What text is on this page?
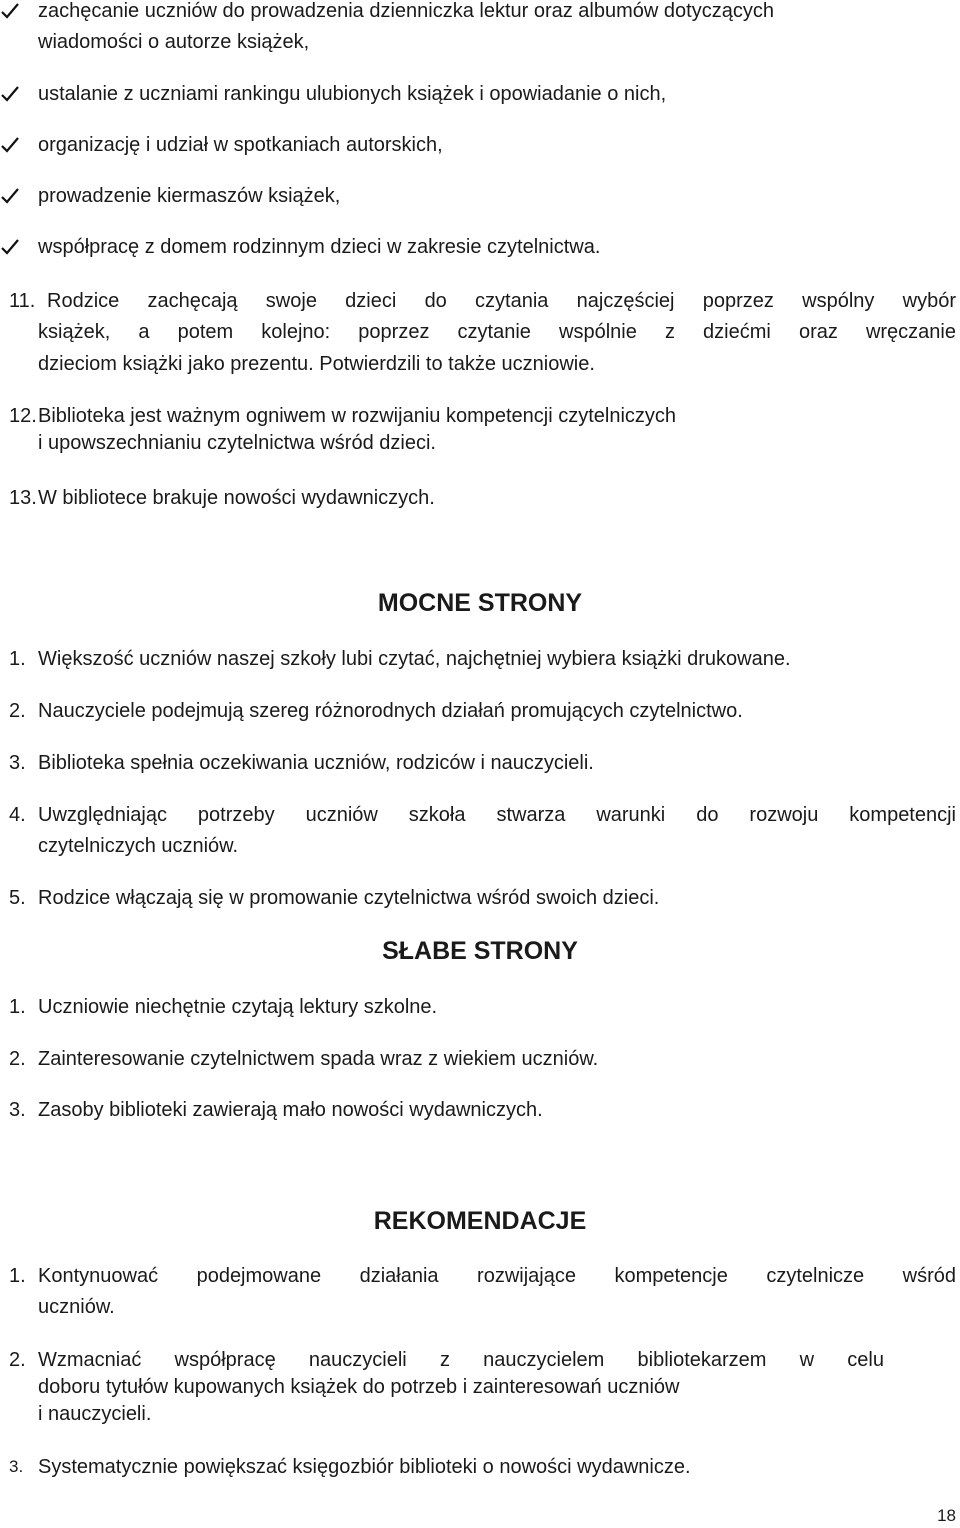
zachęcanie uczniów do prowadzenia dzienniczka lektur oraz albumów dotyczących
wiadomości o autorze książek,
ustalanie z uczniami rankingu ulubionych książek i opowiadanie o nich,
organizację i udział w spotkaniach autorskich,
prowadzenie kiermaszów książek,
współpracę z domem rodzinnym dzieci w zakresie czytelnictwa.
11. Rodzice zachęcają swoje dzieci do czytania najczęściej poprzez wspólny wybór
książek, a potem kolejno: poprzez czytanie wspólnie z dziećmi oraz wręczanie
dzieciom książki jako prezentu. Potwierdzili to także uczniowie.
12. Biblioteka jest ważnym ogniwem w rozwijaniu kompetencji czytelniczych
i upowszechnianiu czytelnictwa wśród dzieci.
13. W bibliotece brakuje nowości wydawniczych.
MOCNE STRONY
1. Większość uczniów naszej szkoły lubi czytać, najchętniej wybiera książki drukowane.
2. Nauczyciele podejmują szereg różnorodnych działań promujących czytelnictwo.
3. Biblioteka spełnia oczekiwania uczniów, rodziców i nauczycieli.
4. Uwzględniając potrzeby uczniów szkoła stwarza warunki do rozwoju kompetencji
czytelniczych uczniów.
5. Rodzice włączają się w promowanie czytelnictwa wśród swoich dzieci.
SŁABE STRONY
1. Uczniowie niechętnie czytają lektury szkolne.
2. Zainteresowanie czytelnictwem spada wraz z wiekiem uczniów.
3. Zasoby biblioteki zawierają mało nowości wydawniczych.
REKOMENDACJE
1. Kontynuować podejmowane działania rozwijające kompetencje czytelnicze wśród
uczniów.
2. Wzmacniać współpracę nauczycieli z nauczycielem bibliotekarzem w celu
doboru tytułów kupowanych książek do potrzeb i zainteresowań uczniów
i nauczycieli.
3. Systematycznie powiększać księgozbiór biblioteki o nowości wydawnicze.
18
